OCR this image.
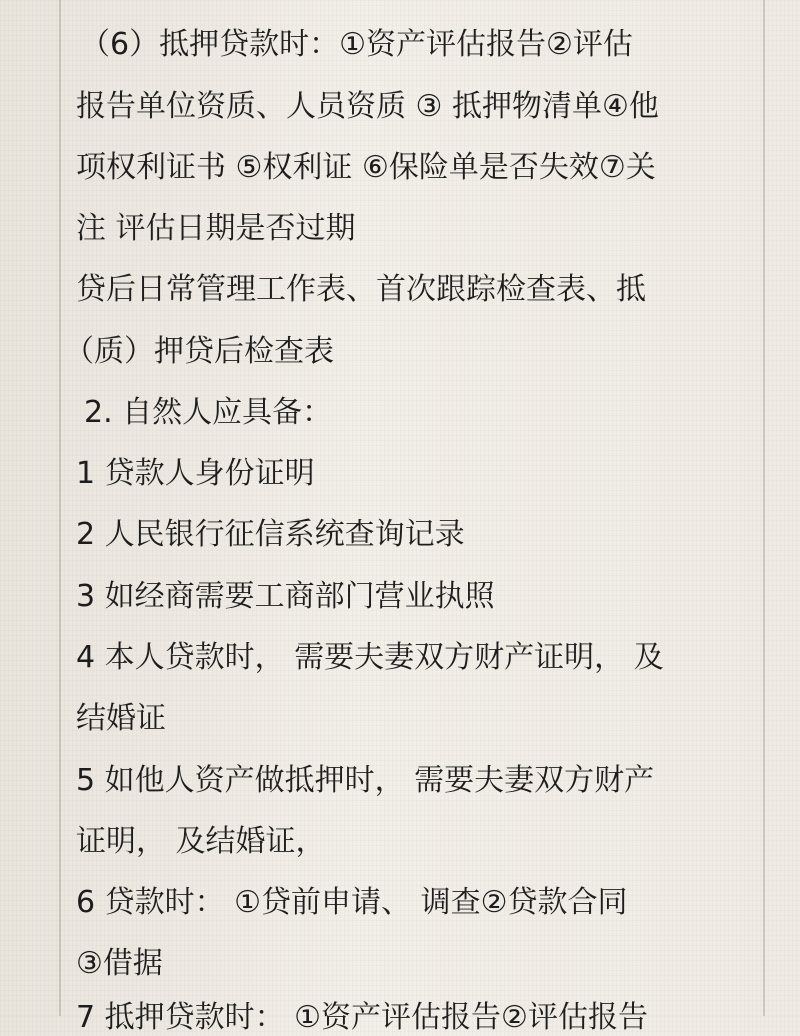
（6）抵押贷款时：①资产评估报告②评估
报告单位资质、人员资质 ③ 抵押物清单④他
项权利证书 ⑤权利证 ⑥保险单是否失效⑦关
注 评估日期是否过期
贷后日常管理工作表、首次跟踪检查表、抵
（质）押贷后检查表
2. 自然人应具备：
1 贷款人身份证明
2 人民银行征信系统查询记录
3 如经商需要工商部门营业执照
4 本人贷款时， 需要夫妻双方财产证明， 及
结婚证
5 如他人资产做抵押时， 需要夫妻双方财产
证明， 及结婚证，
6 贷款时： ①贷前申请、 调查②贷款合同
③借据
7 抵押贷款时： ①资产评估报告②评估报告
